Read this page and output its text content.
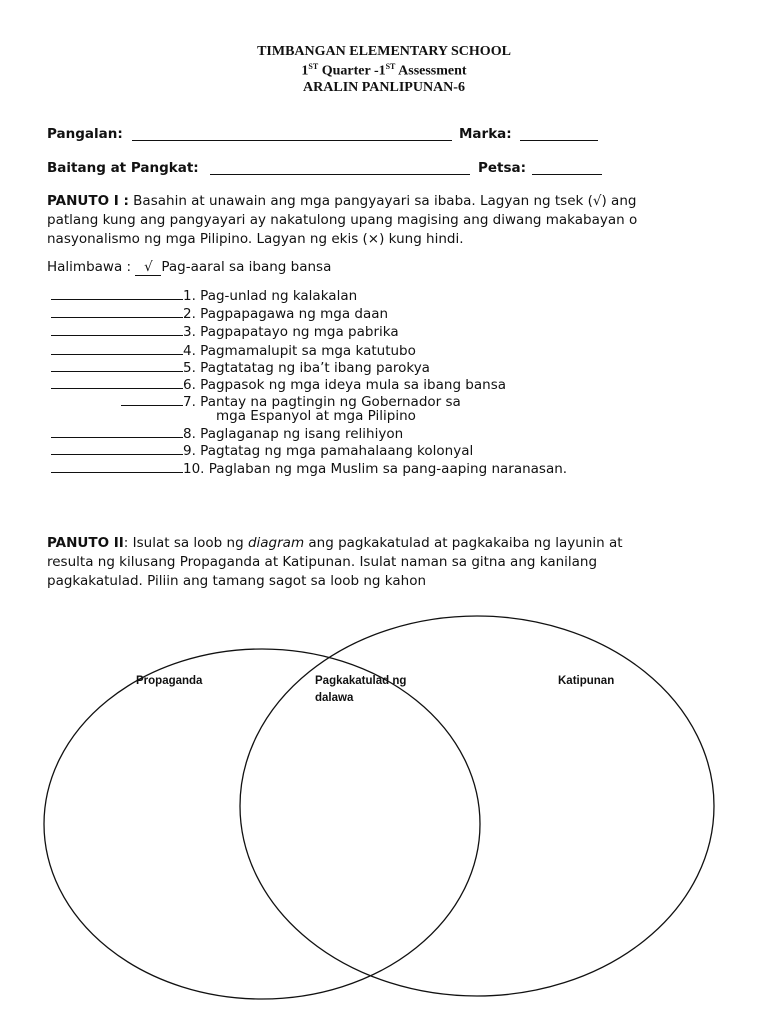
TIMBANGAN ELEMENTARY SCHOOL
1ST Quarter -1ST Assessment
ARALIN PANLIPUNAN-6
Pangalan:	Marka:
Baitang at Pangkat:	Petsa:
PANUTO I : Basahin at unawain ang mga pangyayari sa ibaba. Lagyan ng tsek (√) ang
patlang kung ang pangyayari ay nakatulong upang magising ang diwang makabayan o
nasyonalismo ng mga Pilipino. Lagyan ng ekis (×) kung hindi.
Halimbawa : √ Pag-aaral sa ibang bansa
1. Pag-unlad ng kalakalan
2. Pagpapagawa ng mga daan
3. Pagpapatayo ng mga pabrika
4. Pagmamalupit sa mga katutubo
5. Pagtatatag ng iba’t ibang parokya
6. Pagpasok ng mga ideya mula sa ibang bansa
7. Pantay na pagtingin ng Gobernador sa
mga Espanyol at mga Pilipino
8. Paglaganap ng isang relihiyon
9. Pagtatag ng mga pamahalaang kolonyal
10. Paglaban ng mga Muslim sa pang-aaping naranasan.
PANUTO II: Isulat sa loob ng diagram ang pagkakatulad at pagkakaiba ng layunin at
resulta ng kilusang Propaganda at Katipunan. Isulat naman sa gitna ang kanilang
pagkakatulad. Piliin ang tamang sagot sa loob ng kahon
Propaganda	Pagkakatulad ng
dalawa
Katipunan
